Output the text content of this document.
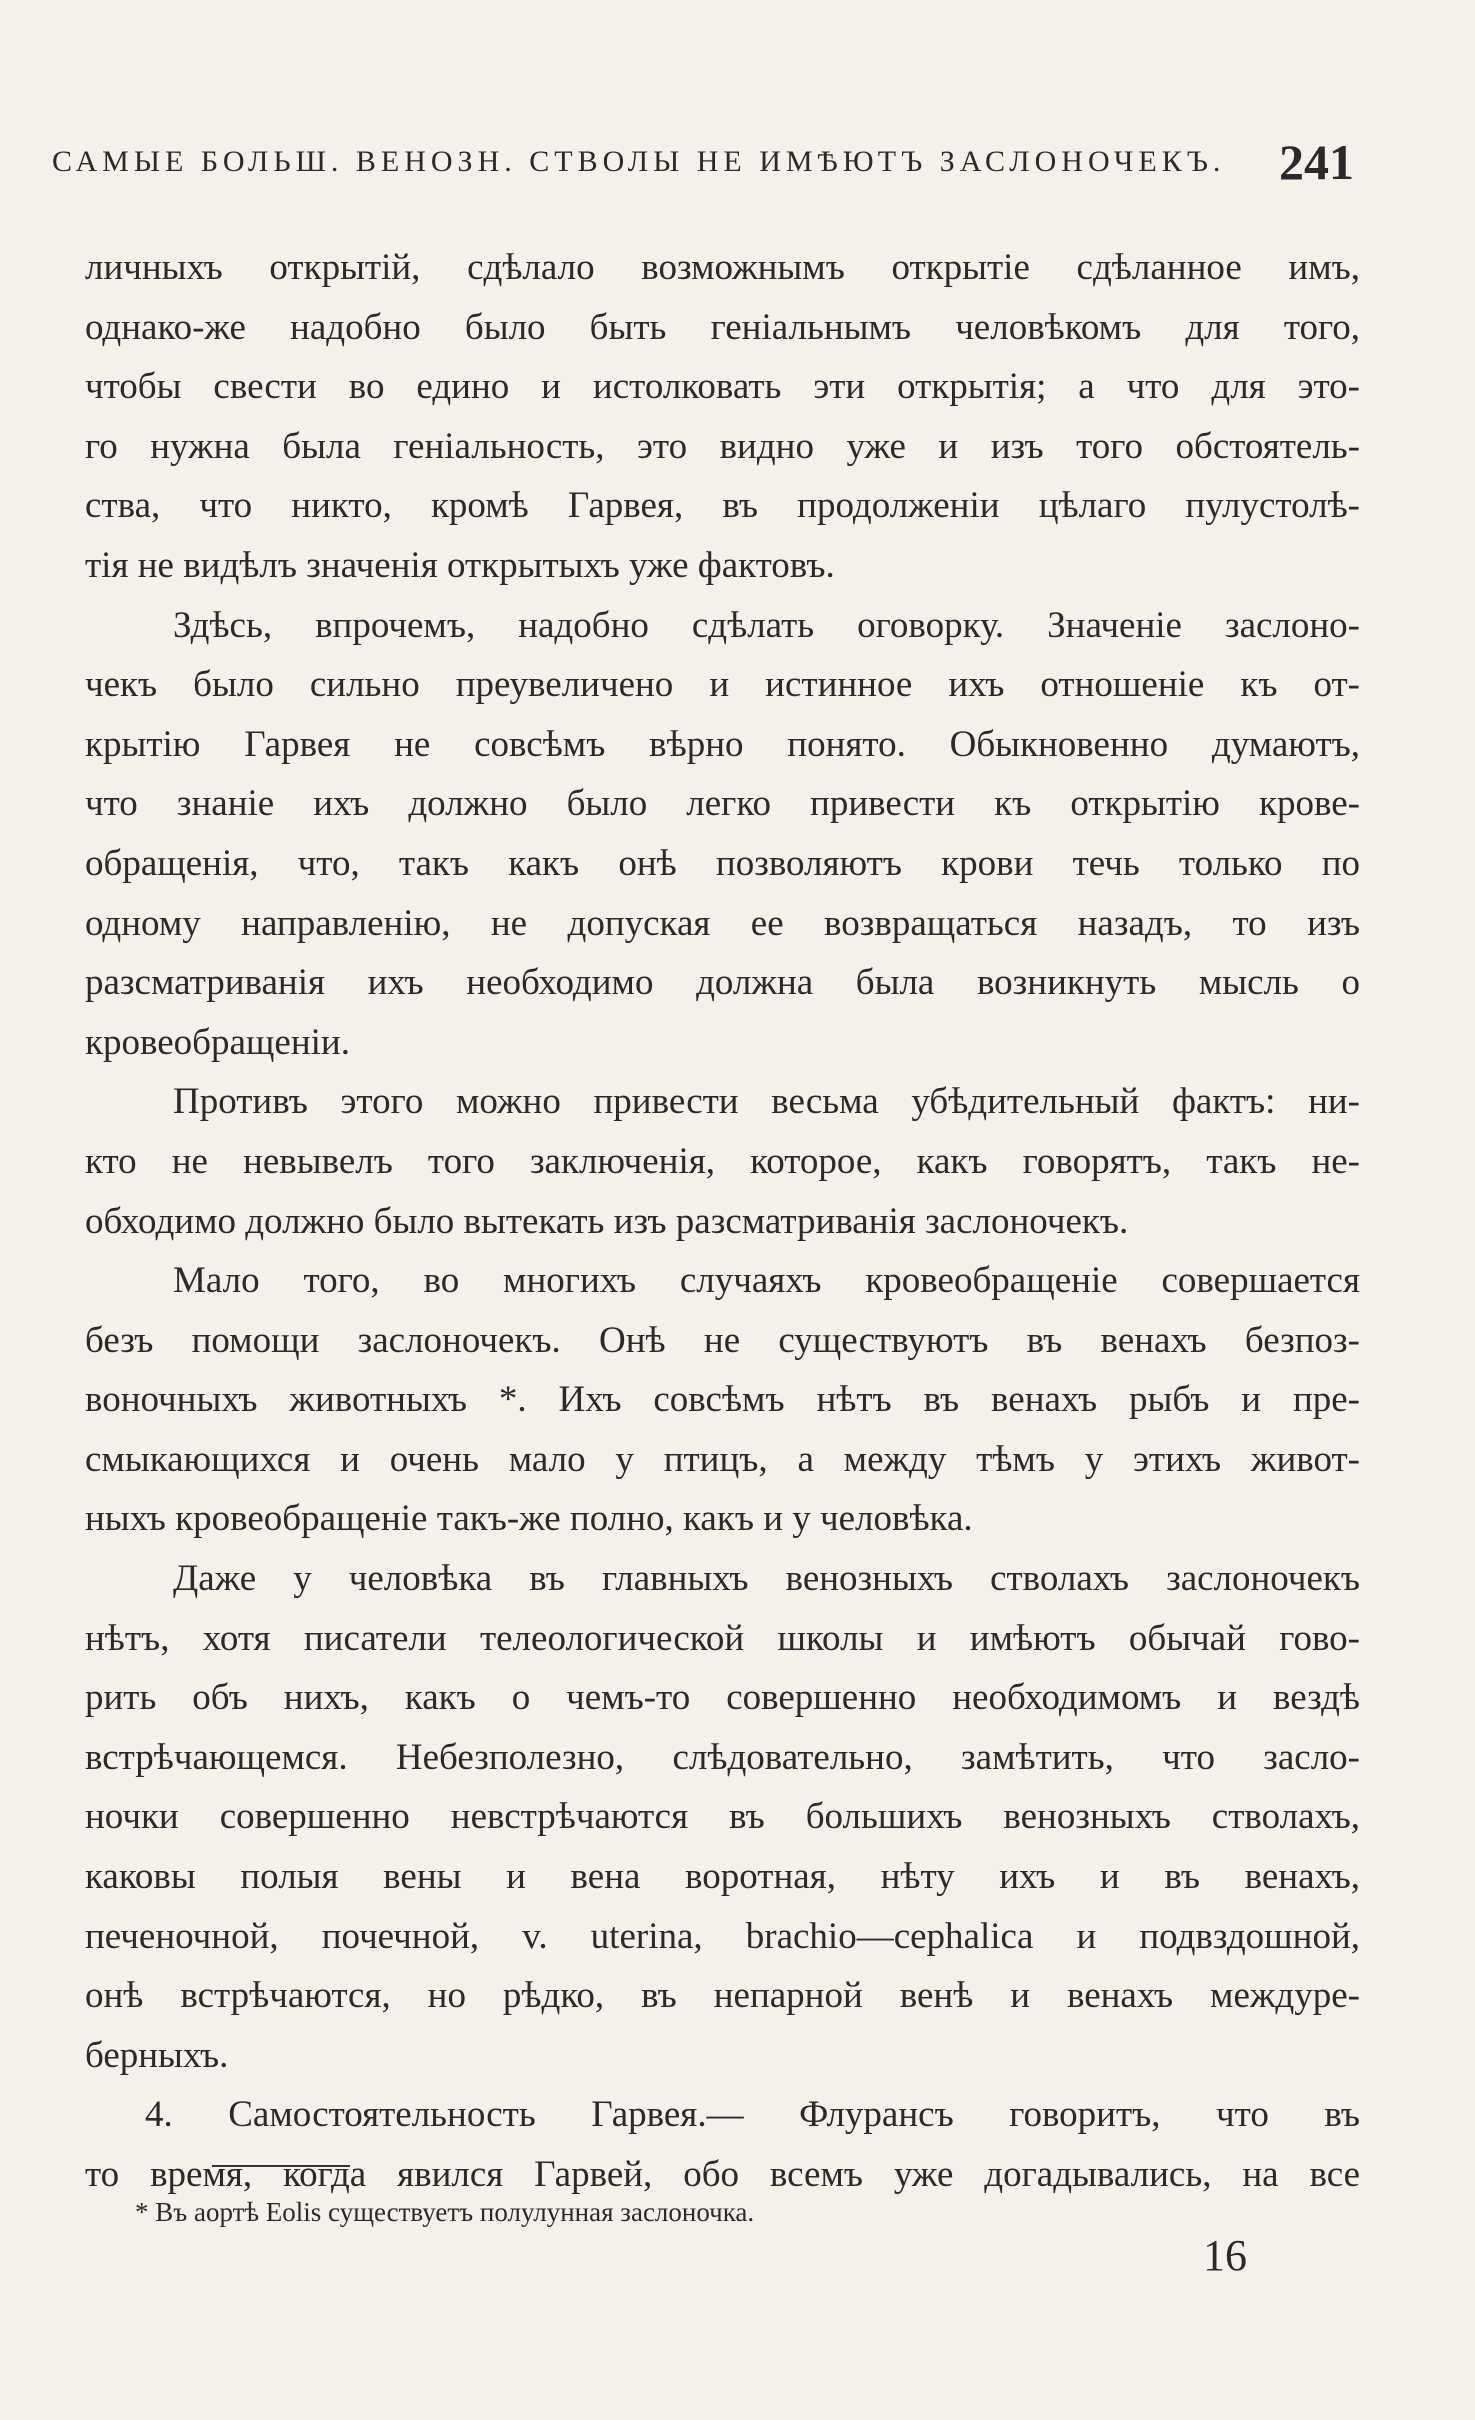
САМЫЕ БОЛЬШ. ВЕНОЗН. СТВОЛЫ НЕ ИМѢЮТЪ ЗАСЛОНОЧЕКЪ. 241
личныхъ открытій, сдѣлало возможнымъ открытіе сдѣланное имъ,
однако-же надобно было быть геніальнымъ человѣкомъ для того,
чтобы свести во едино и истолковать эти открытія; а что для это-
го нужна была геніальность, это видно уже и изъ того обстоятель-
ства, что никто, кромѣ Гарвея, въ продолженіи цѣлаго пулустолѣ-
тія не видѣлъ значенія открытыхъ уже фактовъ.
Здѣсь, впрочемъ, надобно сдѣлать оговорку. Значеніе заслоно-
чекъ было сильно преувеличено и истинное ихъ отношеніе къ от-
крытію Гарвея не совсѣмъ вѣрно понято. Обыкновенно думаютъ,
что знаніе ихъ должно было легко привести къ открытію крове-
обращенія, что, такъ какъ онѣ позволяютъ крови течь только по
одному направленію, не допуская ее возвращаться назадъ, то изъ
разсматриванія ихъ необходимо должна была возникнуть мысль о
кровеобращеніи.
Противъ этого можно привести весьма убѣдительный фактъ: ни-
кто не невывелъ того заключенія, которое, какъ говорятъ, такъ не-
обходимо должно было вытекать изъ разсматриванія заслоночекъ.
Мало того, во многихъ случаяхъ кровеобращеніе совершается
безъ помощи заслоночекъ. Онѣ не существуютъ въ венахъ безпоз-
воночныхъ животныхъ *. Ихъ совсѣмъ нѣтъ въ венахъ рыбъ и пре-
смыкающихся и очень мало у птицъ, а между тѣмъ у этихъ живот-
ныхъ кровеобращеніе такъ-же полно, какъ и у человѣка.
Даже у человѣка въ главныхъ венозныхъ стволахъ заслоночекъ
нѣтъ, хотя писатели телеологической школы и имѣютъ обычай гово-
рить объ нихъ, какъ о чемъ-то совершенно необходимомъ и вездѣ
встрѣчающемся. Небезполезно, слѣдовательно, замѣтить, что засло-
ночки совершенно невстрѣчаются въ большихъ венозныхъ стволахъ,
каковы полыя вены и вена воротная, нѣту ихъ и въ венахъ,
печеночной, почечной, v. uterina, brachio—cephalica и подвздошной,
онѣ встрѣчаются, но рѣдко, въ непарной венѣ и венахъ междуре-
берныхъ.
4. Самостоятельность Гарвея.— Флурансъ говоритъ, что въ
то время, когда явился Гарвей, обо всемъ уже догадывались, на все
* Въ аортѣ Eolis существуетъ полулунная заслоночка.
16
